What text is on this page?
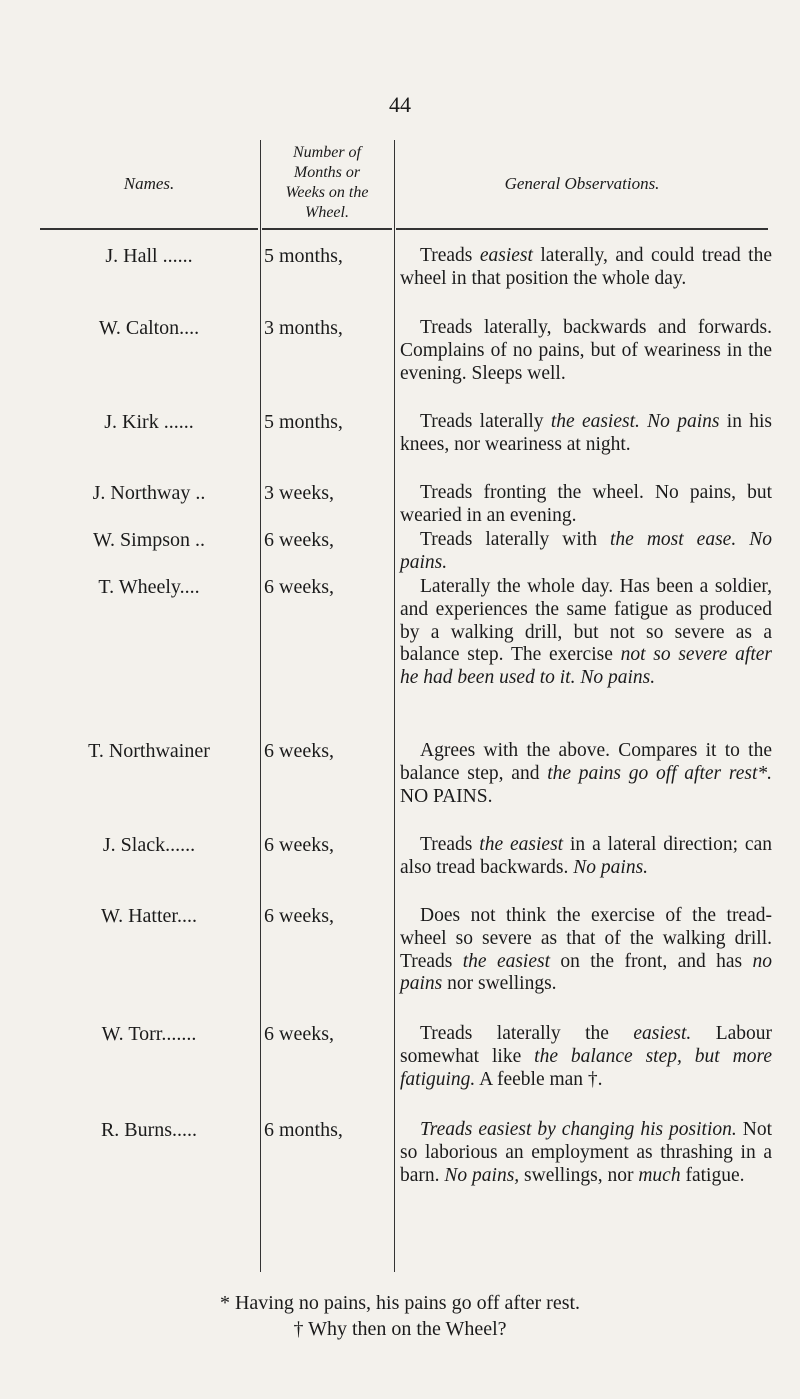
44
Names.
Number of
Months or
Weeks on the
Wheel.
General Observations.
J. Hall ......	5 months,	Treads easiest laterally, and could tread the wheel in that position the whole day.
W. Calton....	3 months,	Treads laterally, backwards and forwards. Complains of no pains, but of weariness in the evening. Sleeps well.
J. Kirk ......	5 months,	Treads laterally the easiest. No pains in his knees, nor weariness at night.
J. Northway ..	3 weeks,	Treads fronting the wheel. No pains, but wearied in an evening.
W. Simpson ..	6 weeks,	Treads laterally with the most ease. No pains.
T. Wheely....	6 weeks,	Laterally the whole day. Has been a soldier, and experiences the same fatigue as produced by a walking drill, but not so severe as a balance step. The exercise not so severe after he had been used to it. No pains.
T. Northwainer	6 weeks,	Agrees with the above. Compares it to the balance step, and the pains go off after rest*. NO PAINS.
J. Slack......	6 weeks,	Treads the easiest in a lateral direction; can also tread backwards. No pains.
W. Hatter....	6 weeks,	Does not think the exercise of the tread-wheel so severe as that of the walking drill. Treads the easiest on the front, and has no pains nor swellings.
W. Torr.......	6 weeks,	Treads laterally the easiest. Labour somewhat like the balance step, but more fatiguing. A feeble man †.
R. Burns.....	6 months,	Treads easiest by changing his position. Not so laborious an employment as thrashing in a barn. No pains, swellings, nor much fatigue.
* Having no pains, his pains go off after rest.
† Why then on the Wheel?
